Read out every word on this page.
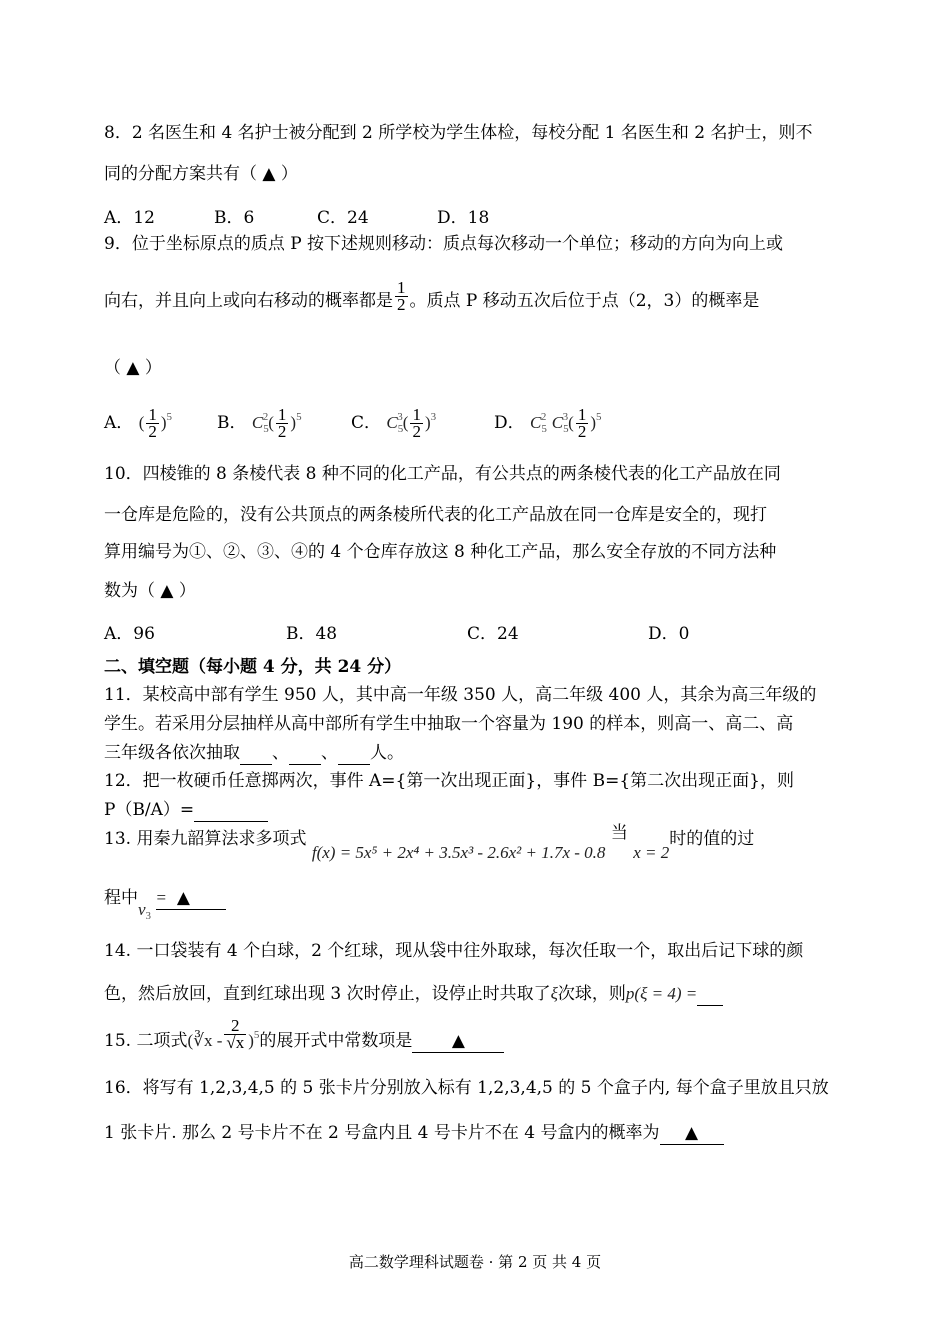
8．2 名医生和 4 名护士被分配到 2 所学校为学生体检，每校分配 1 名医生和 2 名护士，则不
同的分配方案共有（ ▲ ）
A．12	B．6	C．24	D．18
9．位于坐标原点的质点 P 按下述规则移动：质点每次移动一个单位；移动的方向为向上或
向右，并且向上或向右移动的概率都是 $\frac{1}{2}$ 。质点 P 移动五次后位于点（2，3）的概率是
（ ▲ ）
A． ( $\frac{1}{2} )^5$	B． $C_5^2( \frac{1}{2} )^5$	C． $C_5^3( \frac{1}{2} )^3$	D． $C_5^2$ $C_5^3( \frac{1}{2} )^5$
10．四棱锥的 8 条棱代表 8 种不同的化工产品，有公共点的两条棱代表的化工产品放在同
一仓库是危险的，没有公共顶点的两条棱所代表的化工产品放在同一仓库是安全的，现打
算用编号为①、②、③、④的 4 个仓库存放这 8 种化工产品，那么安全存放的不同方法种
数为（ ▲ ）
A．96	B．48	C．24	D．0
二、填空题（每小题 4 分，共 24 分）
11．某校高中部有学生 950 人，其中高一年级 350 人，高二年级 400 人，其余为高三年级的
学生。若采用分层抽样从高中部所有学生中抽取一个容量为 190 的样本，则高一、高二、高
三年级各依次抽取 、 、 人。
12．把一枚硬币任意掷两次，事件 A={第一次出现正面}，事件 B={第二次出现正面}，则
P（B/A）=
13. 用秦九韶算法求多项式 f(x) = 5x⁵ + 2x⁴ + 3.5x³ - 2.6x² + 1.7x - 0.8 当 x = 2时的值的过
程中$v_3$ = ▲
14. 一口袋装有 4 个白球，2 个红球，现从袋中往外取球，每次任取一个，取出后记下球的颜
色，然后放回，直到红球出现 3 次时停止，设停止时共取了ξ次球，则p(ξ = 4) =
15. 二项式(∛x - $\frac{2}{√x} )^5$的展开式中常数项是 ▲
16．将写有 1,2,3,4,5 的 5 张卡片分别放入标有 1,2,3,4,5 的 5 个盒子内, 每个盒子里放且只放
1 张卡片. 那么 2 号卡片不在 2 号盒内且 4 号卡片不在 4 号盒内的概率为 ▲
高二数学理科试题卷 · 第 2 页 共 4 页
